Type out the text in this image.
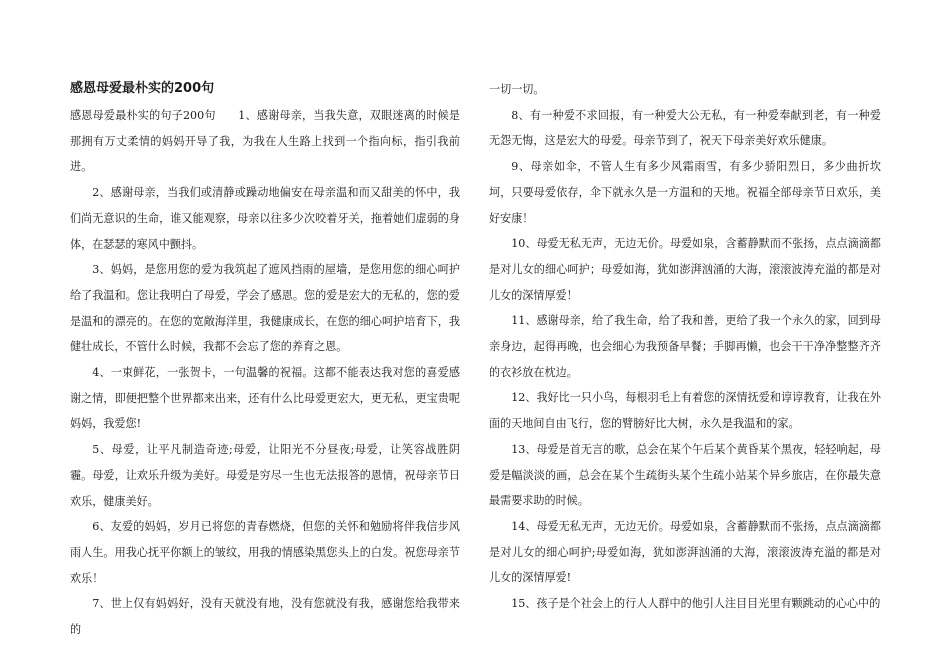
感恩母爱最朴实的200句

感恩母爱最朴实的句子200句　　1、感谢母亲，当我失意，双眼迷离的时候是那拥有万丈柔情的妈妈开导了我，为我在人生路上找到一个指向标，指引我前进。

2、感谢母亲，当我们或清静或躁动地偏安在母亲温和而又甜美的怀中，我们尚无意识的生命，谁又能观察，母亲以往多少次咬着牙关，拖着她们虚弱的身体，在瑟瑟的寒风中颤抖。

3、妈妈，是您用您的爱为我筑起了遮风挡雨的屋墙，是您用您的细心呵护给了我温和。您让我明白了母爱，学会了感恩。您的爱是宏大的无私的，您的爱是温和的漂亮的。在您的宽敞海洋里，我健康成长，在您的细心呵护培育下，我健壮成长，不管什么时候，我都不会忘了您的养育之恩。

4、一束鲜花，一张贺卡，一句温馨的祝福。这都不能表达我对您的喜爱感谢之情，即便把整个世界都来出来，还有什么比母爱更宏大，更无私，更宝贵呢妈妈，我爱您!

5、母爱，让平凡制造奇迹;母爱，让阳光不分昼夜;母爱，让笑容战胜阴霾。母爱，让欢乐升级为美好。母爱是穷尽一生也无法报答的恩情，祝母亲节日欢乐，健康美好。

6、友爱的妈妈，岁月已将您的青春燃烧，但您的关怀和勉励将伴我信步风雨人生。用我心抚平你额上的皱纹，用我的情感染黑您头上的白发。祝您母亲节欢乐！

7、世上仅有妈妈好，没有天就没有地，没有您就没有我，感谢您给我带来的

一切一切。

8、有一种爱不求回报，有一种爱大公无私，有一种爱奉献到老，有一种爱无怨无悔，这是宏大的母爱。母亲节到了，祝天下母亲美好欢乐健康。

9、母亲如伞，不管人生有多少风霜雨雪，有多少骄阳烈日，多少曲折坎坷，只要母爱依存，伞下就永久是一方温和的天地。祝福全部母亲节日欢乐，美好安康！

10、母爱无私无声，无边无价。母爱如泉，含蓄静默而不张扬，点点滴滴都是对儿女的细心呵护；母爱如海，犹如澎湃汹涌的大海，滚滚波涛充溢的都是对儿女的深情厚爱！

11、感谢母亲，给了我生命，给了我和善，更给了我一个永久的家，回到母亲身边，起得再晚，也会细心为我预备早餐；手脚再懒，也会干干净净整整齐齐的衣衫放在枕边。

12、我好比一只小鸟，每根羽毛上有着您的深情抚爱和谆谆教育，让我在外面的天地间自由飞行，您的臂膀好比大树，永久是我温和的家。

13、母爱是首无言的歌，总会在某个午后某个黄昏某个黑夜，轻轻响起，母爱是幅淡淡的画，总会在某个生疏街头某个生疏小站某个异乡旅店，在你最失意最需要求助的时候。

14、母爱无私无声，无边无价。母爱如泉，含蓄静默而不张扬，点点滴滴都是对儿女的细心呵护;母爱如海，犹如澎湃汹涌的大海，滚滚波涛充溢的都是对儿女的深情厚爱!

15、孩子是个社会上的行人人群中的他引人注目目光里有颗跳动的心心中的
